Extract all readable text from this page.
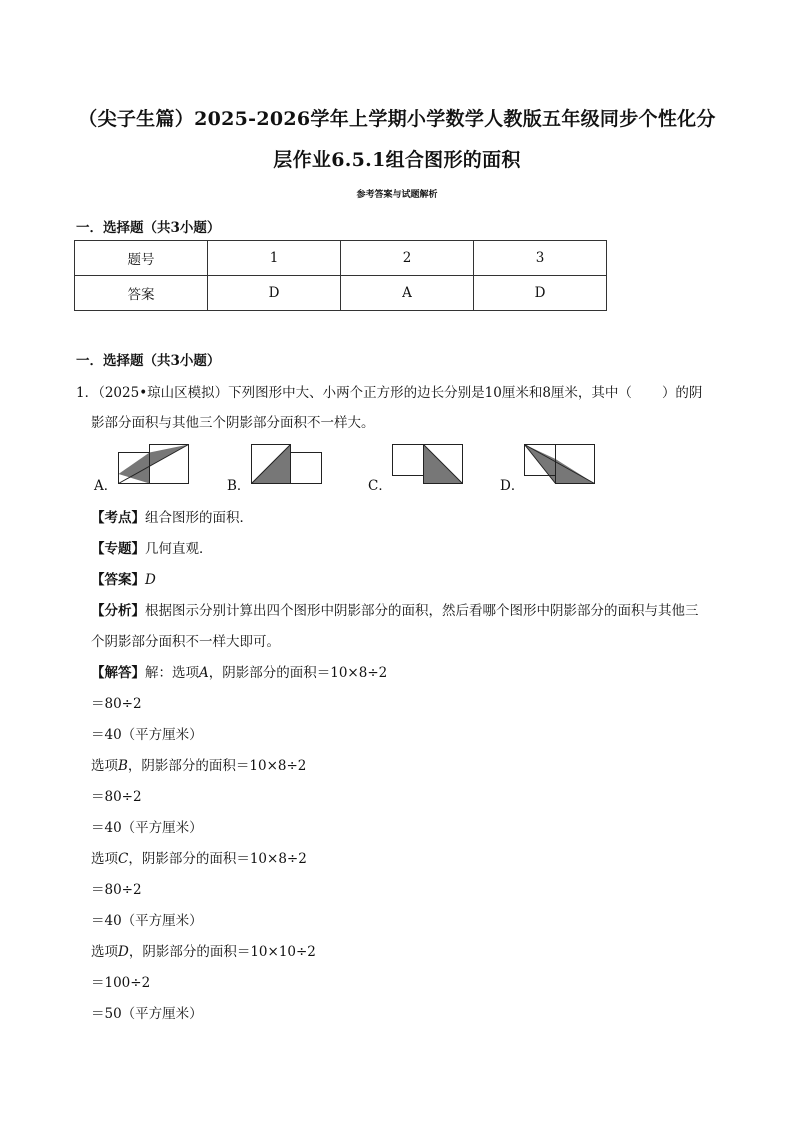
（尖子生篇）2025-2026学年上学期小学数学人教版五年级同步个性化分
层作业6.5.1组合图形的面积
参考答案与试题解析
一．选择题（共3小题）
题号	1	2	3
答案	D	A	D
一．选择题（共3小题）
1．（2025•琼山区模拟）下列图形中大、小两个正方形的边长分别是10厘米和8厘米，其中（ ）的阴
影部分面积与其他三个阴影部分面积不一样大。
A．	B．	C．	D．
【考点】组合图形的面积．
【专题】几何直观．
【答案】D
【分析】根据图示分别计算出四个图形中阴影部分的面积，然后看哪个图形中阴影部分的面积与其他三
个阴影部分面积不一样大即可。
【解答】解：选项A，阴影部分的面积＝10×8÷2
＝80÷2
＝40（平方厘米）
选项B，阴影部分的面积＝10×8÷2
＝80÷2
＝40（平方厘米）
选项C，阴影部分的面积＝10×8÷2
＝80÷2
＝40（平方厘米）
选项D，阴影部分的面积＝10×10÷2
＝100÷2
＝50（平方厘米）
